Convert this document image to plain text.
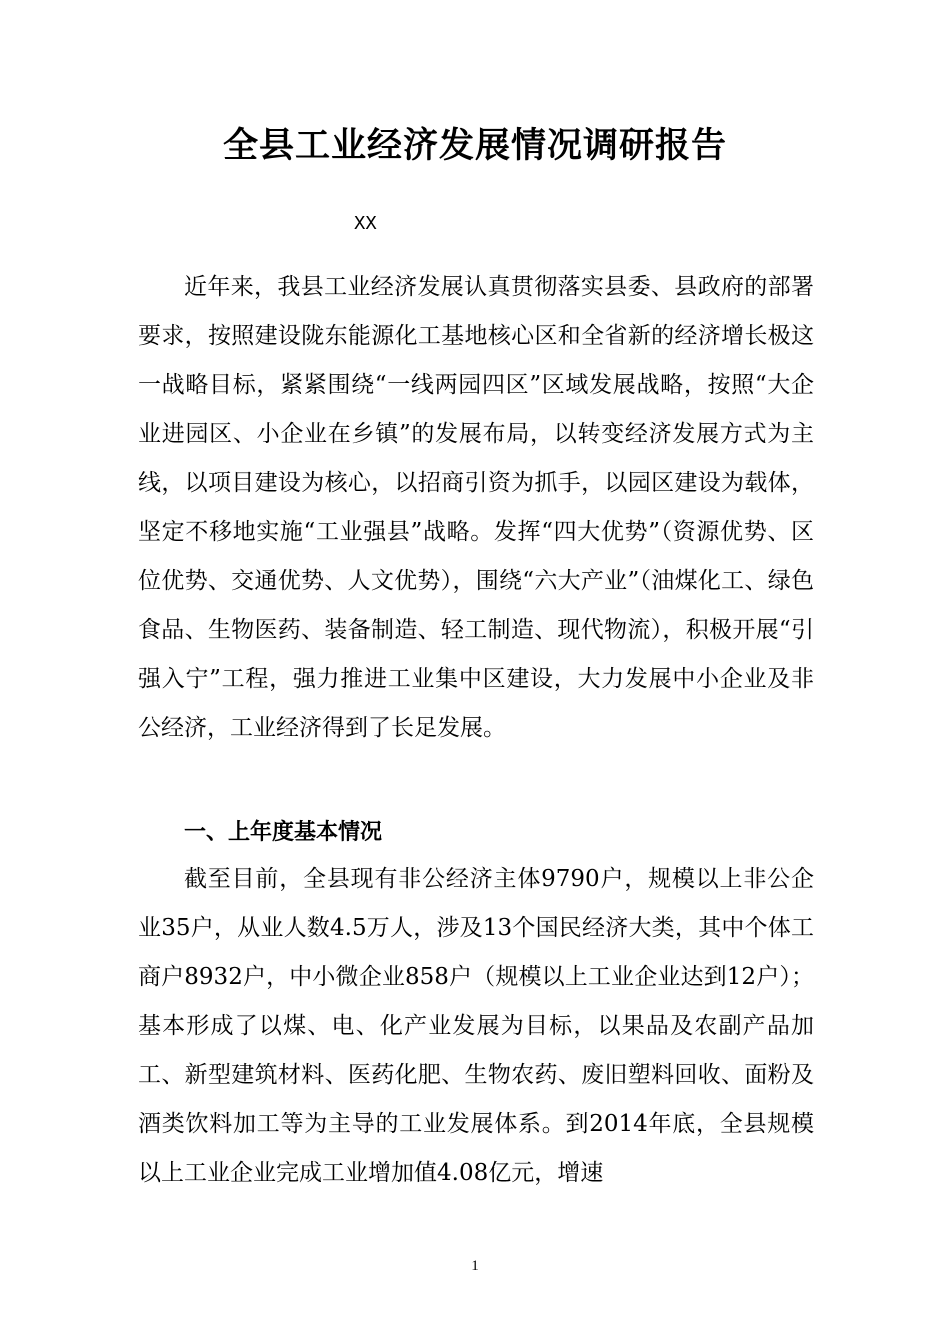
全县工业经济发展情况调研报告
XX

近年来，我县工业经济发展认真贯彻落实县委、县政府的部署要求，按照建设陇东能源化工基地核心区和全省新的经济增长极这一战略目标，紧紧围绕“一线两园四区”区域发展战略，按照“大企业进园区、小企业在乡镇”的发展布局，以转变经济发展方式为主线，以项目建设为核心，以招商引资为抓手，以园区建设为载体，坚定不移地实施“工业强县”战略。发挥“四大优势”（资源优势、区位优势、交通优势、人文优势），围绕“六大产业”（油煤化工、绿色食品、生物医药、装备制造、轻工制造、现代物流），积极开展“引强入宁”工程，强力推进工业集中区建设，大力发展中小企业及非公经济，工业经济得到了长足发展。

一、上年度基本情况

截至目前，全县现有非公经济主体9790户，规模以上非公企业35户，从业人数4.5万人，涉及13个国民经济大类，其中个体工商户8932户，中小微企业858户（规模以上工业企业达到12户）；基本形成了以煤、电、化产业发展为目标，以果品及农副产品加工、新型建筑材料、医药化肥、生物农药、废旧塑料回收、面粉及酒类饮料加工等为主导的工业发展体系。到2014年底，全县规模以上工业企业完成工业增加值4.08亿元，增速

1
